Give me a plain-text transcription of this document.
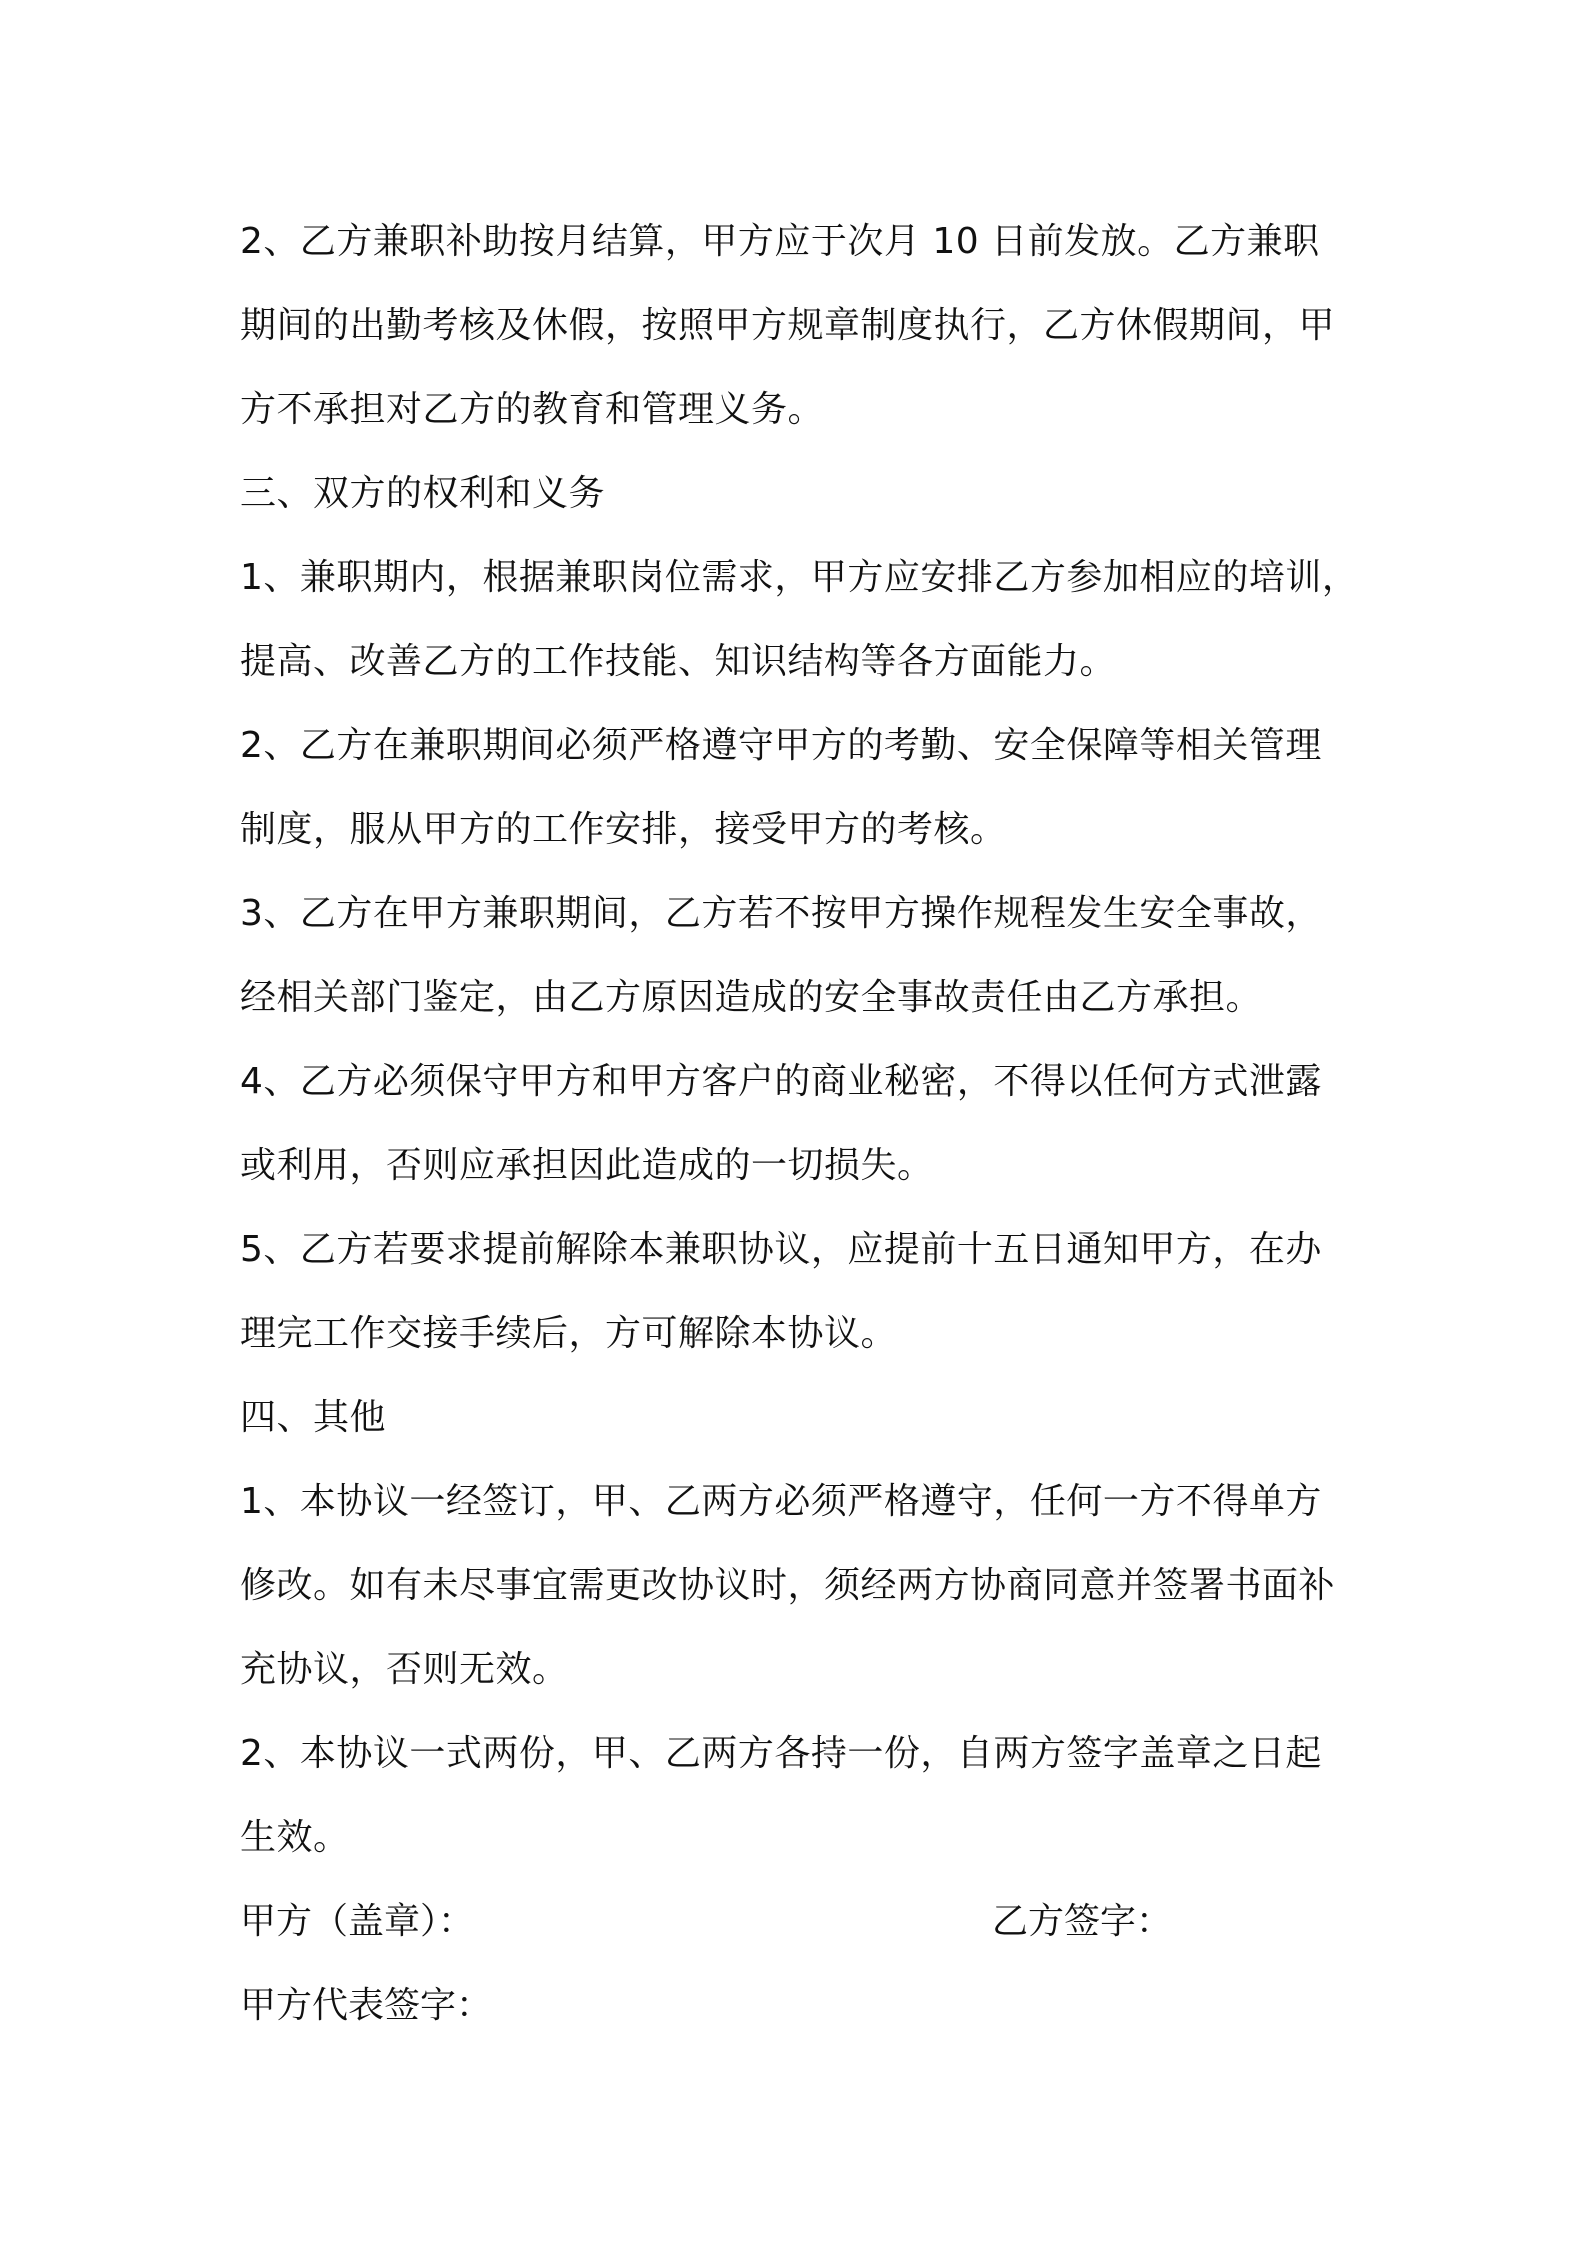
2、乙方兼职补助按月结算，甲方应于次月 10 日前发放。乙方兼职
期间的出勤考核及休假，按照甲方规章制度执行，乙方休假期间，甲
方不承担对乙方的教育和管理义务。

三、双方的权利和义务

1、兼职期内，根据兼职岗位需求，甲方应安排乙方参加相应的培训，
提高、改善乙方的工作技能、知识结构等各方面能力。

2、乙方在兼职期间必须严格遵守甲方的考勤、安全保障等相关管理
制度，服从甲方的工作安排，接受甲方的考核。

3、乙方在甲方兼职期间，乙方若不按甲方操作规程发生安全事故，
经相关部门鉴定，由乙方原因造成的安全事故责任由乙方承担。

4、乙方必须保守甲方和甲方客户的商业秘密，不得以任何方式泄露
或利用，否则应承担因此造成的一切损失。

5、乙方若要求提前解除本兼职协议，应提前十五日通知甲方，在办
理完工作交接手续后，方可解除本协议。

四、其他

1、本协议一经签订，甲、乙两方必须严格遵守，任何一方不得单方
修改。如有未尽事宜需更改协议时，须经两方协商同意并签署书面补
充协议，否则无效。

2、本协议一式两份，甲、乙两方各持一份，自两方签字盖章之日起
生效。

甲方（盖章）：	乙方签字：
甲方代表签字：
